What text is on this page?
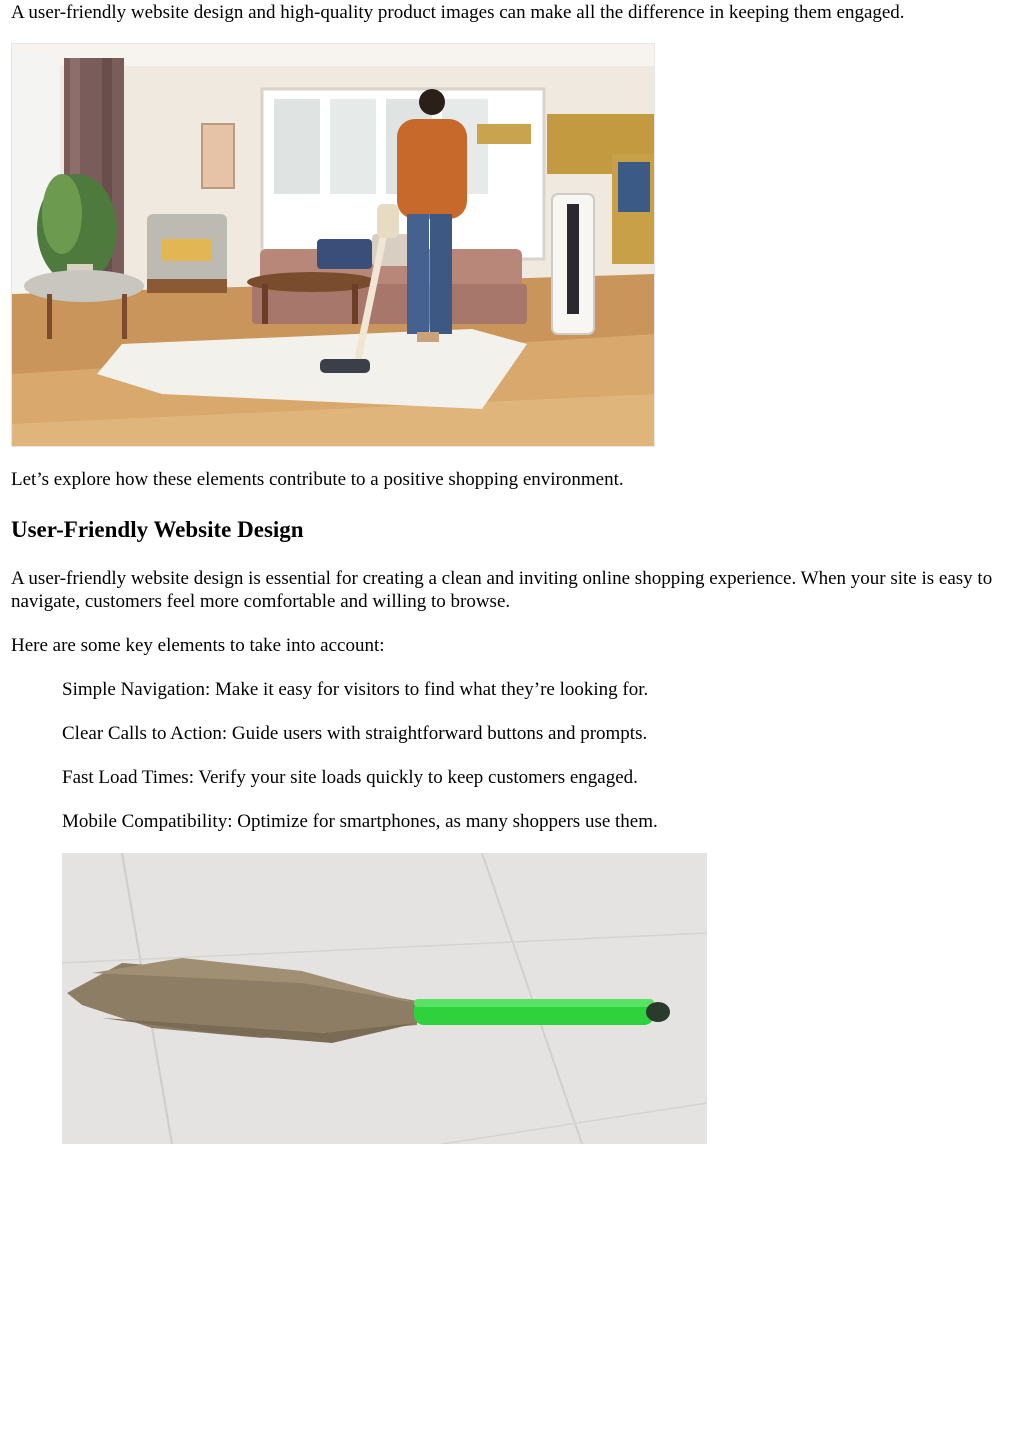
A user-friendly website design and high-quality product images can make all the difference in keeping them engaged.

Let’s explore how these elements contribute to a positive shopping environment.

User-Friendly Website Design

A user-friendly website design is essential for creating a clean and inviting online shopping experience. When your site is easy to navigate, customers feel more comfortable and willing to browse.

Here are some key elements to take into account:

Simple Navigation: Make it easy for visitors to find what they’re looking for.

Clear Calls to Action: Guide users with straightforward buttons and prompts.

Fast Load Times: Verify your site loads quickly to keep customers engaged.

Mobile Compatibility: Optimize for smartphones, as many shoppers use them.
